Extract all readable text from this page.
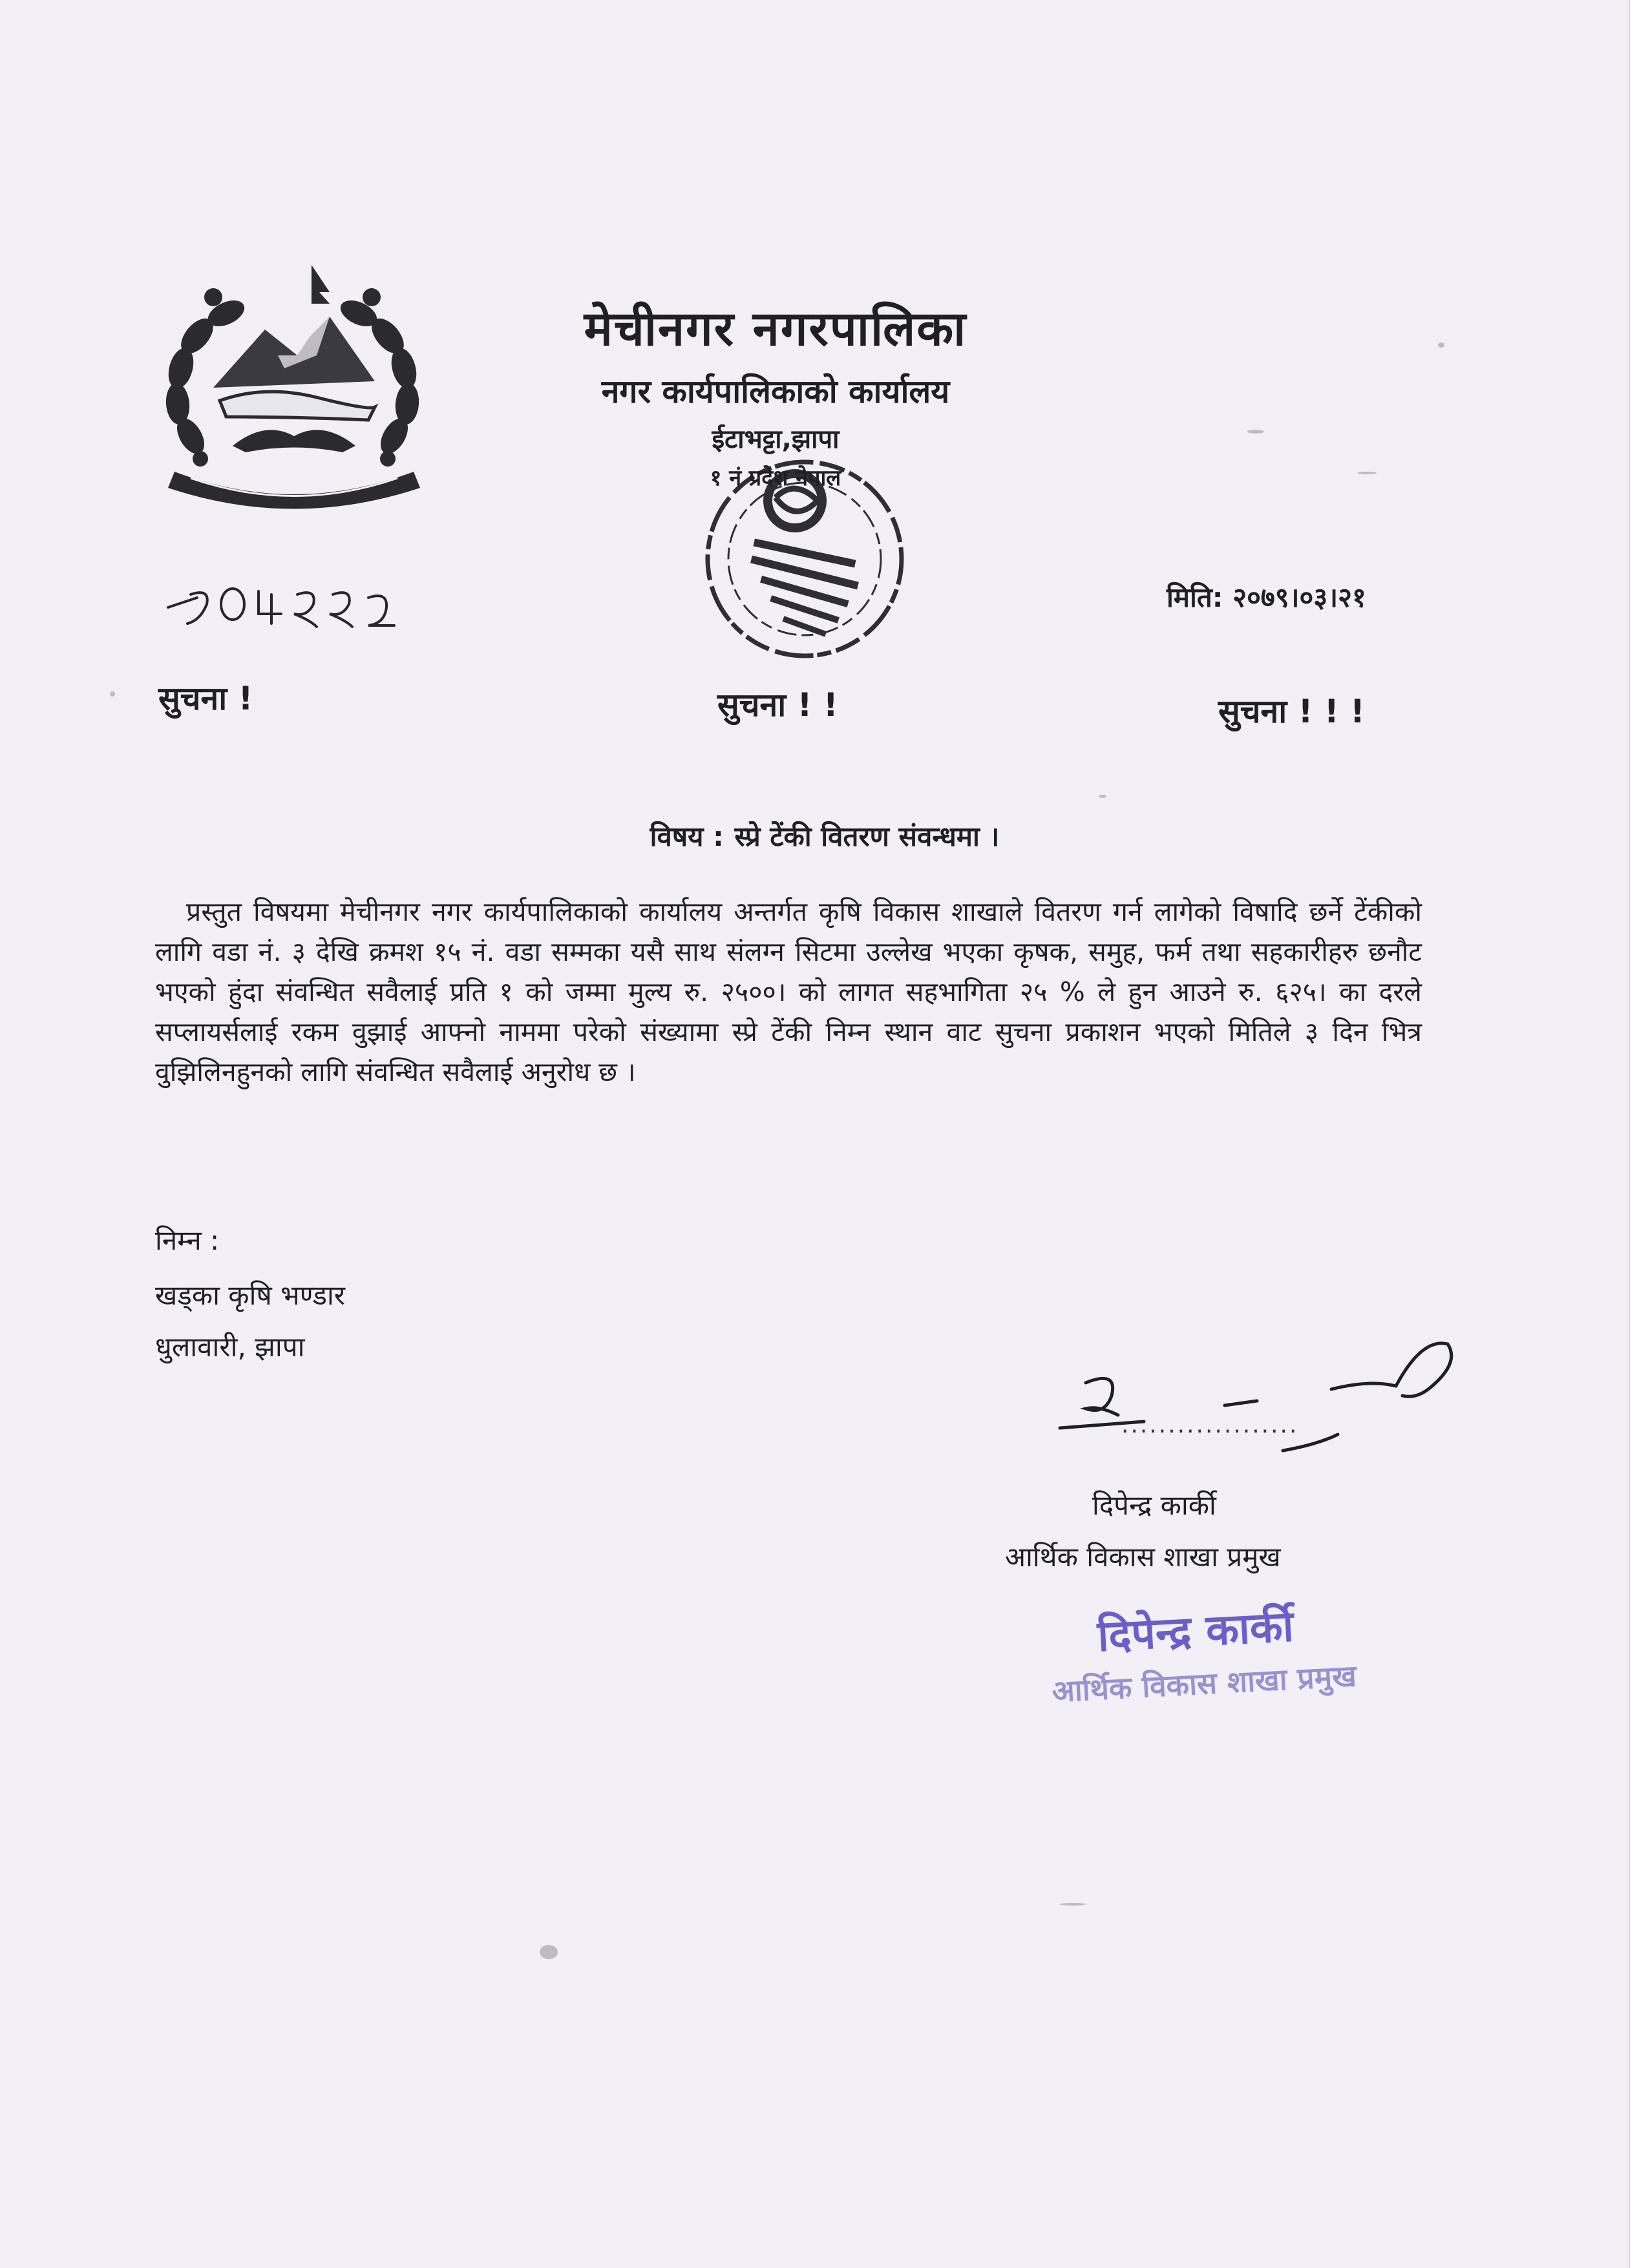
मेचीनगर नगरपालिका
नगर कार्यपालिकाको कार्यालय
ईटाभट्टा,झापा
१ नं प्रदेश नेपाल
मिति: २०७९।०३।२१
सुचना !	सुचना ! !	सुचना ! ! !
विषय : स्प्रे टेंकी वितरण संवन्धमा ।
प्रस्तुत विषयमा मेचीनगर नगर कार्यपालिकाको कार्यालय अन्तर्गत कृषि विकास शाखाले वितरण गर्न लागेको विषादि छर्ने टेंकीको लागि वडा नं. ३ देखि क्रमश १५ नं. वडा सम्मका यसै साथ संलग्न सिटमा उल्लेख भएका कृषक, समुह, फर्म तथा सहकारीहरु छनौट भएको हुंदा संवन्धित सवैलाई प्रति १ को जम्मा मुल्य रु. २५००। को लागत सहभागिता २५ % ले हुन आउने रु. ६२५। का दरले सप्लायर्सलाई रकम वुझाई आफ्नो नाममा परेको संख्यामा स्प्रे टेंकी निम्न स्थान वाट सुचना प्रकाशन भएको मितिले ३ दिन भित्र वुझिलिनहुनको लागि संवन्धित सवैलाई अनुरोध छ ।
निम्न :
खड्का कृषि भण्डार
धुलावारी, झापा
...................
दिपेन्द्र कार्की
आर्थिक विकास शाखा प्रमुख
दिपेन्द्र कार्की
आर्थिक विकास शाखा प्रमुख
